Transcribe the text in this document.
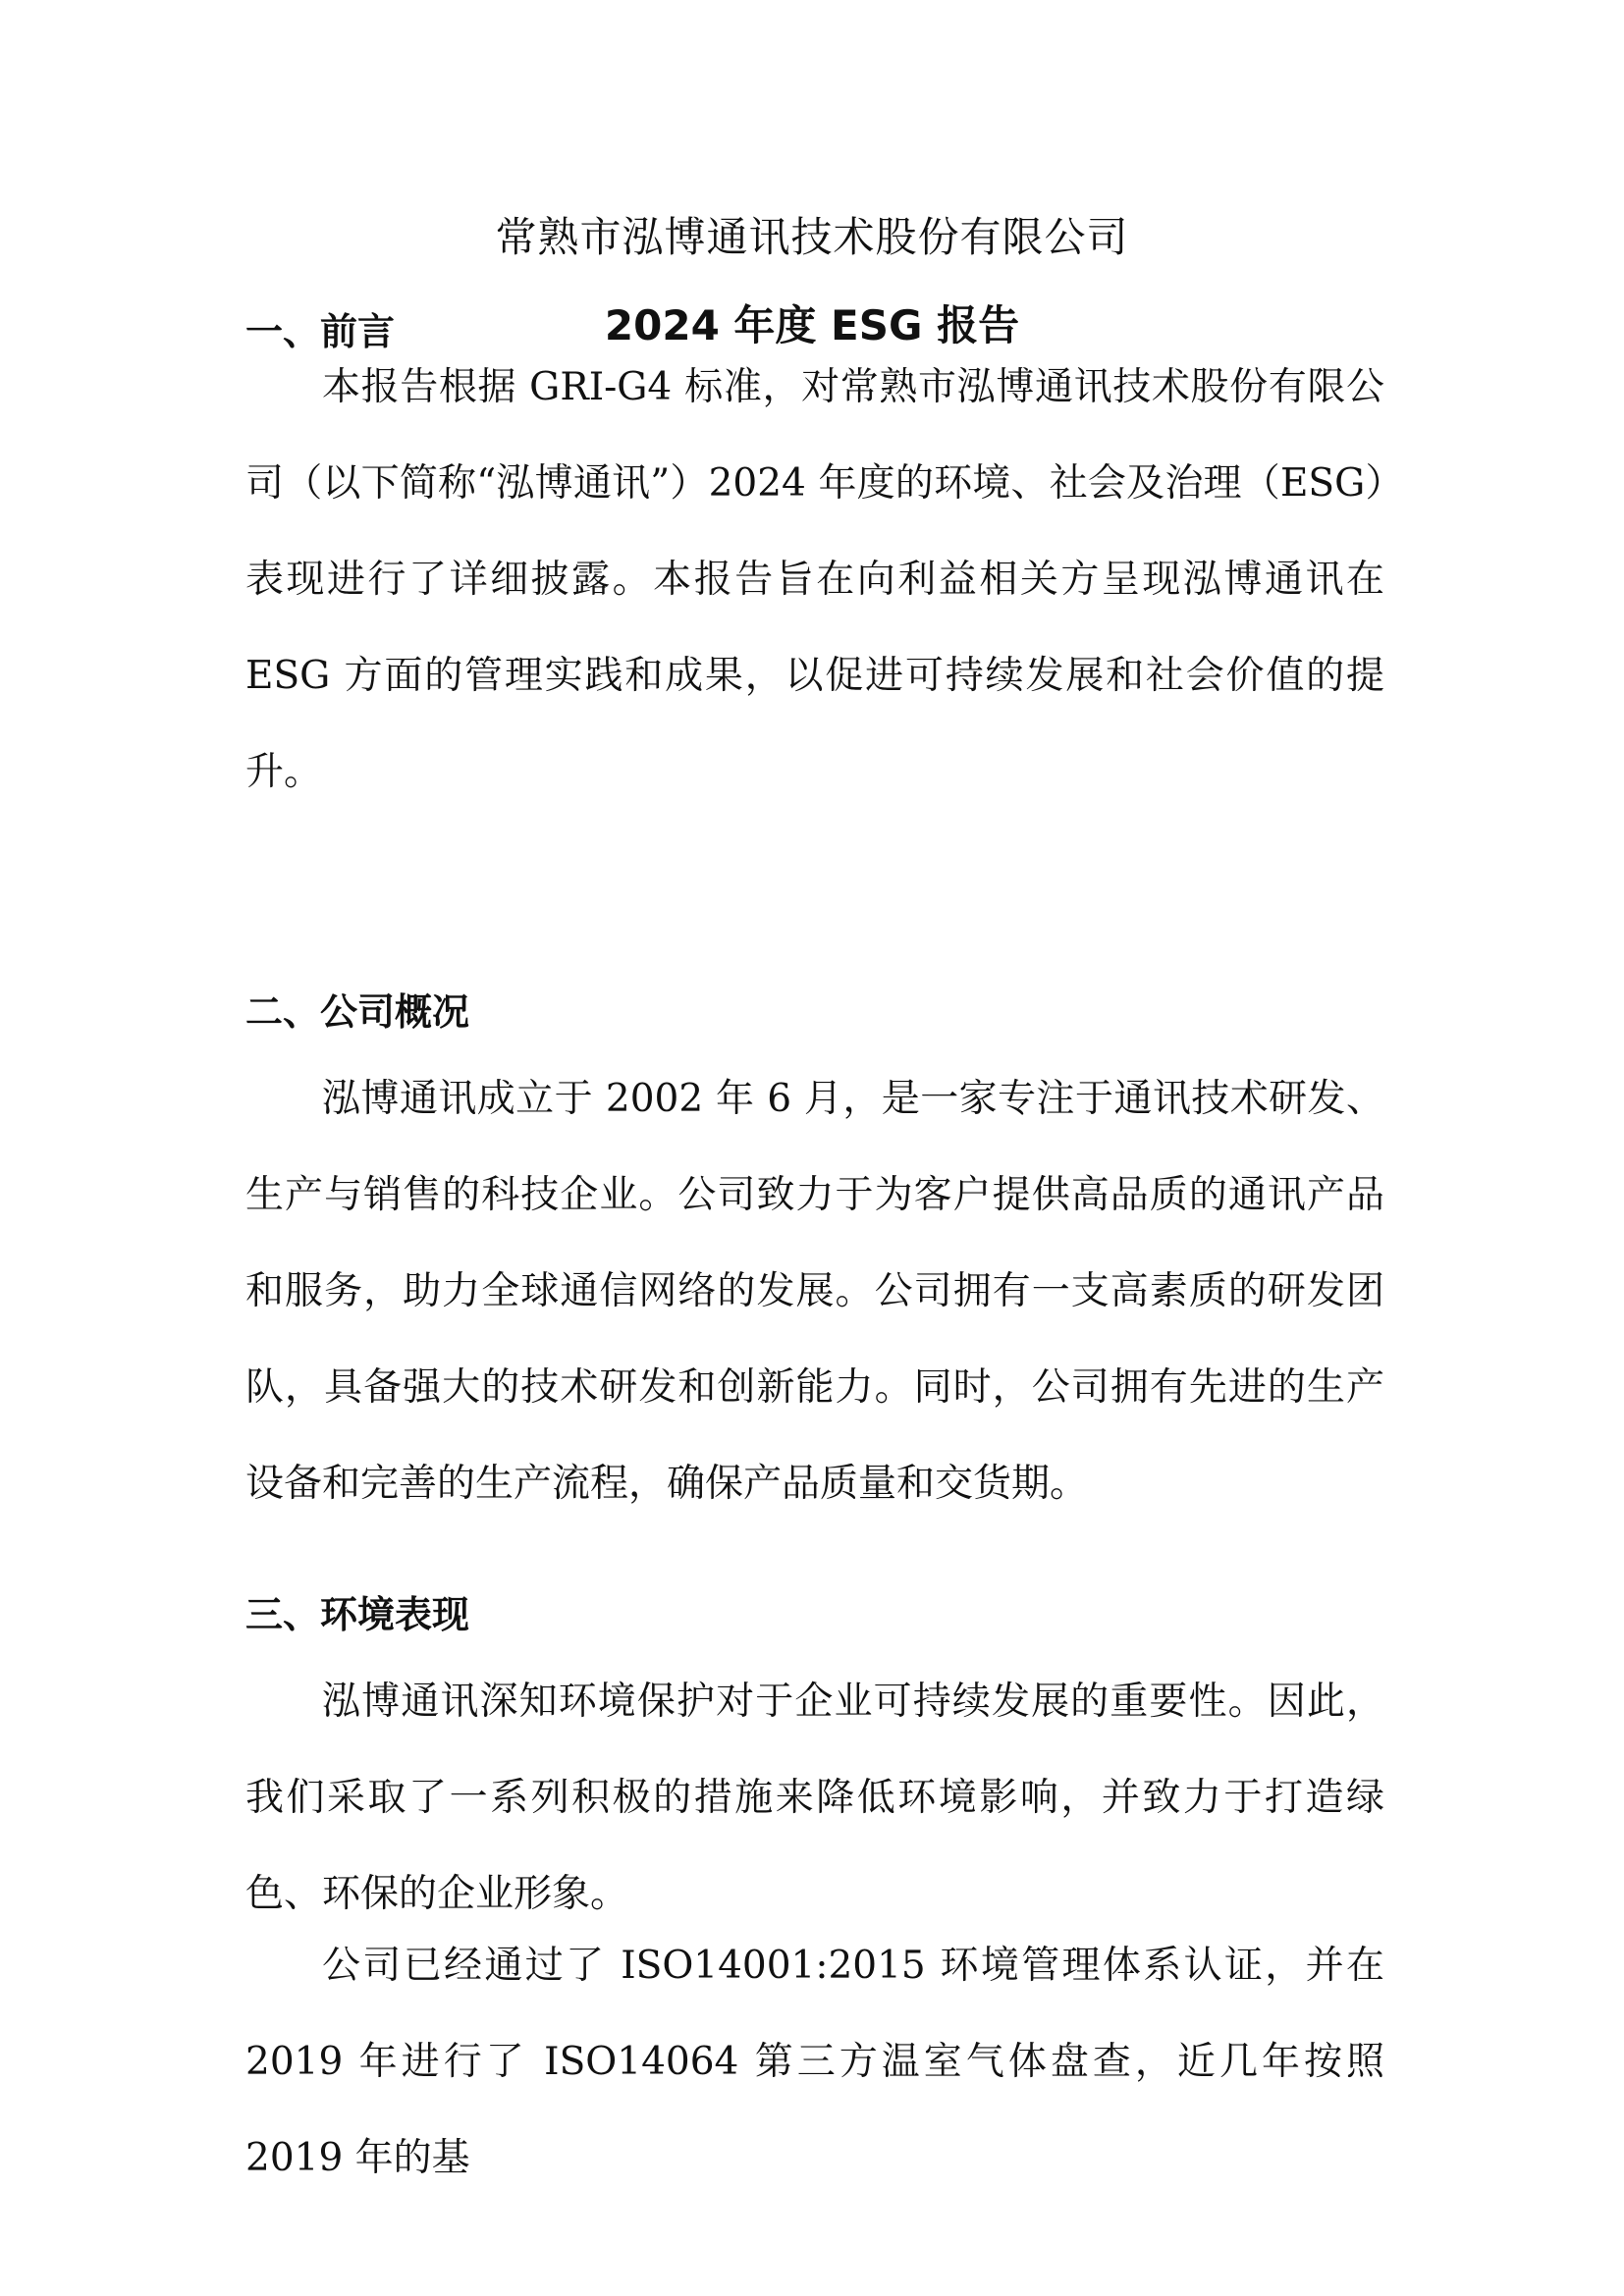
常熟市泓博通讯技术股份有限公司
2024 年度 ESG 报告
一、前言

本报告根据 GRI-G4 标准，对常熟市泓博通讯技术股份有限公司（以下简称“泓博通讯”）2024 年度的环境、社会及治理（ESG）表现进行了详细披露。本报告旨在向利益相关方呈现泓博通讯在 ESG 方面的管理实践和成果，以促进可持续发展和社会价值的提升。

二、公司概况

泓博通讯成立于 2002 年 6 月，是一家专注于通讯技术研发、生产与销售的科技企业。公司致力于为客户提供高品质的通讯产品和服务，助力全球通信网络的发展。公司拥有一支高素质的研发团队，具备强大的技术研发和创新能力。同时，公司拥有先进的生产设备和完善的生产流程，确保产品质量和交货期。

三、环境表现

泓博通讯深知环境保护对于企业可持续发展的重要性。因此，我们采取了一系列积极的措施来降低环境影响，并致力于打造绿色、环保的企业形象。

公司已经通过了 ISO14001:2015 环境管理体系认证，并在 2019 年进行了 ISO14064 第三方温室气体盘查，近几年按照 2019 年的基
